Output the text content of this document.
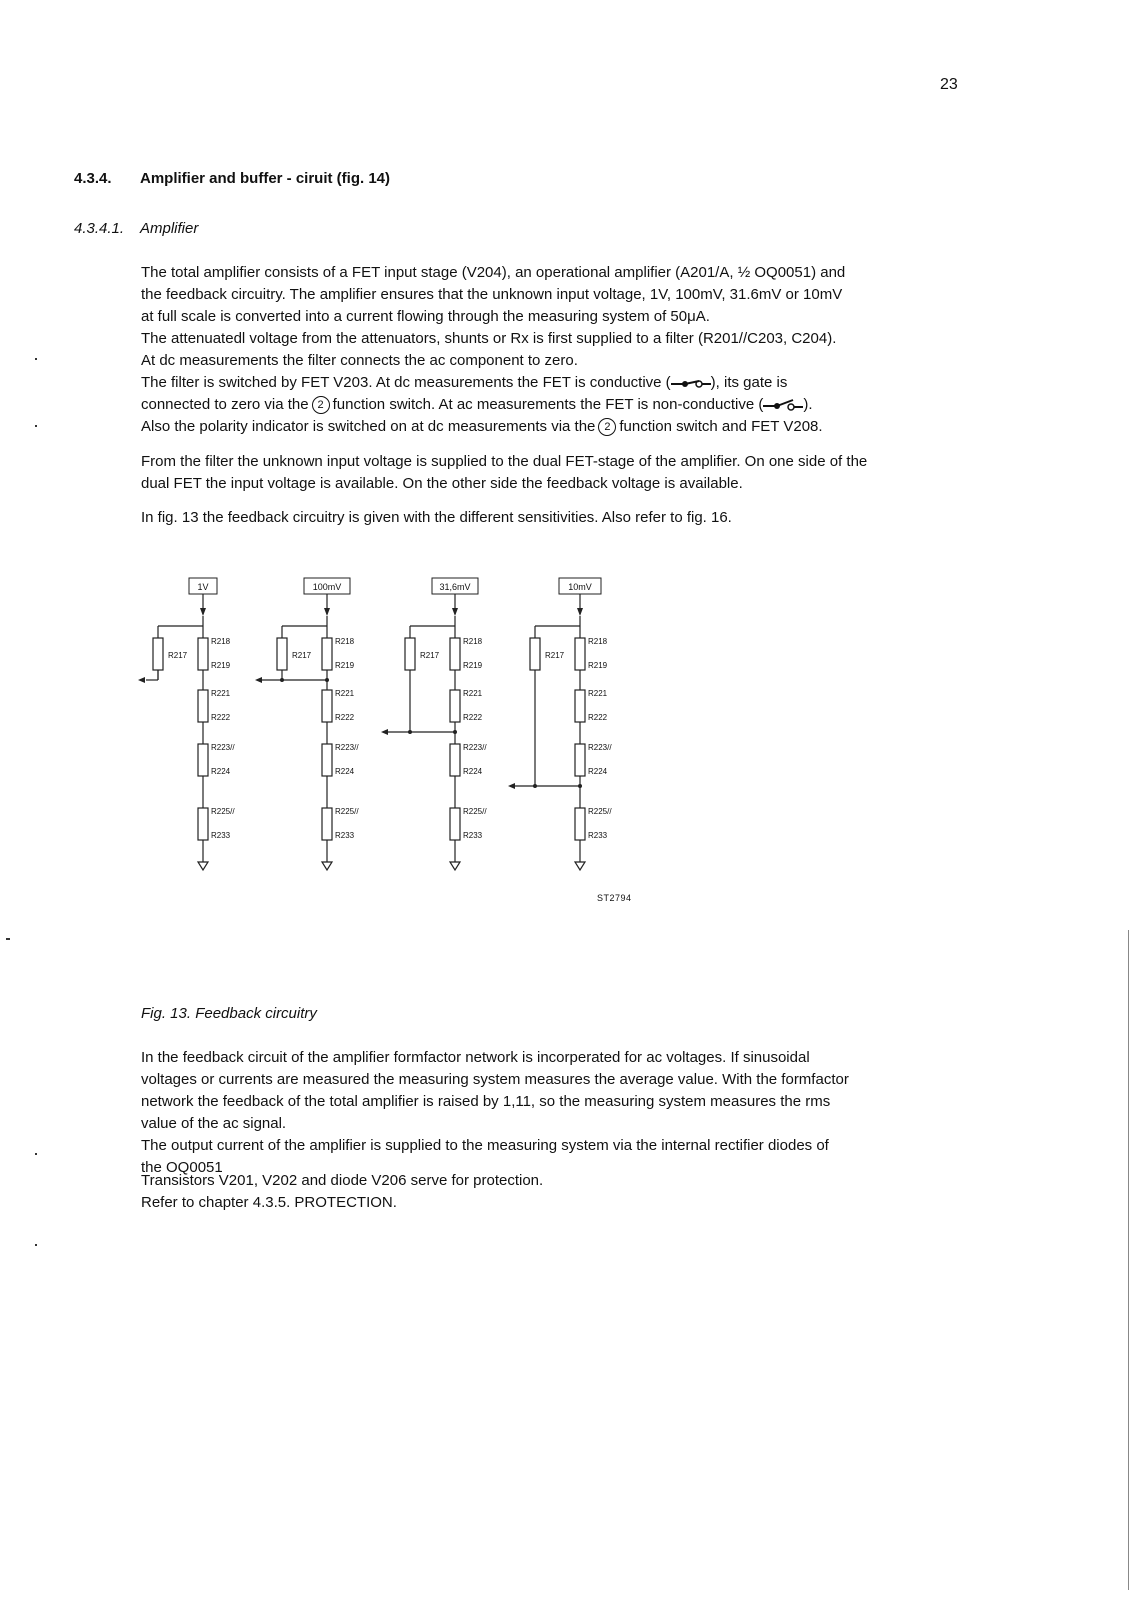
23
4.3.4. Amplifier and buffer - ciruit (fig. 14)
4.3.4.1. Amplifier

The total amplifier consists of a FET input stage (V204), an operational amplifier (A201/A, ½ OQ0051) and

the feedback circuitry. The amplifier ensures that the unknown input voltage, 1V, 100mV, 31.6mV or 10mV

at full scale is converted into a current flowing through the measuring system of 50μA.

The attenuatedl voltage from the attenuators, shunts or Rx is first supplied to a filter (R201//C203, C204).

At dc measurements the filter connects the ac component to zero.

The filter is switched by FET V203. At dc measurements the FET is conductive (	), its gate is

connected to zero via the 2 function switch. At ac measurements the FET is non-conductive (	).

Also the polarity indicator is switched on at dc measurements via the 2 function switch and FET V208.

From the filter the unknown input voltage is supplied to the dual FET-stage of the amplifier. On one side of the

dual FET the input voltage is available. On the other side the feedback voltage is available.

In fig. 13 the feedback circuitry is given with the different sensitivities. Also refer to fig. 16.

1V
R217
R218
R219
R221
R222
R223//
R224
R225//
R233
100mV
R217
R218
R219
R221
R222
R223//
R224
R225//
R233
31,6mV
R217
R218
R219
R221
R222
R223//
R224
R225//
R233
10mV
R217
R218
R219
R221
R222
R223//
R224
R225//
R233
ST2794
Fig. 13. Feedback circuitry

In the feedback circuit of the amplifier formfactor network is incorperated for ac voltages. If sinusoidal

voltages or currents are measured the measuring system measures the average value. With the formfactor

network the feedback of the total amplifier is raised by 1,11, so the measuring system measures the rms

value of the ac signal.

The output current of the amplifier is supplied to the measuring system via the internal rectifier diodes of

the OQ0051

Transistors V201, V202 and diode V206 serve for protection.

Refer to chapter 4.3.5. PROTECTION.
